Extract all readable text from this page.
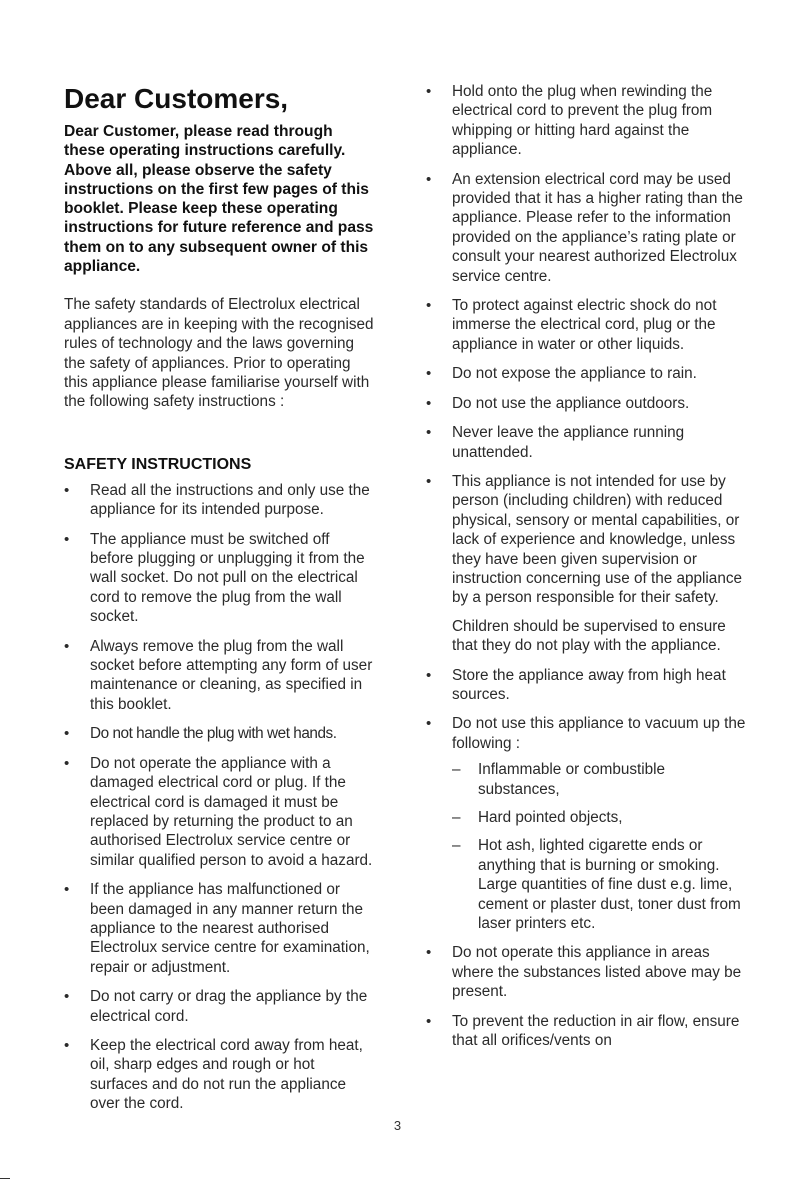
Dear Customers,

Dear Customer, please read through these operating instructions carefully. Above all, please observe the safety instructions on the first few pages of this booklet. Please keep these operating instructions for future reference and pass them on to any subsequent owner of this appliance.

The safety standards of Electrolux electrical appliances are in keeping with the recognised rules of technology and the laws governing the safety of appliances. Prior to operating this appliance please familiarise yourself with the following safety instructions :

SAFETY INSTRUCTIONS
• Read all the instructions and only use the appliance for its intended purpose.
• The appliance must be switched off before plugging or unplugging it from the wall socket. Do not pull on the electrical cord to remove the plug from the wall socket.
• Always remove the plug from the wall socket before attempting any form of user maintenance or cleaning, as specified in this booklet.
• Do not handle the plug with wet hands.
• Do not operate the appliance with a damaged electrical cord or plug. If the electrical cord is damaged it must be replaced by returning the product to an authorised Electrolux service centre or similar qualified person to avoid a hazard.
• If the appliance has malfunctioned or been damaged in any manner return the appliance to the nearest authorised Electrolux service centre for examination, repair or adjustment.
• Do not carry or drag the appliance by the electrical cord.
• Keep the electrical cord away from heat, oil, sharp edges and rough or hot surfaces and do not run the appliance over the cord.
• Hold onto the plug when rewinding the electrical cord to prevent the plug from whipping or hitting hard against the appliance.
• An extension electrical cord may be used provided that it has a higher rating than the appliance. Please refer to the information provided on the appliance’s rating plate or consult your nearest authorized Electrolux service centre.
• To protect against electric shock do not immerse the electrical cord, plug or the appliance in water or other liquids.
• Do not expose the appliance to rain.
• Do not use the appliance outdoors.
• Never leave the appliance running unattended.

• This appliance is not intended for use by person (including children) with reduced physical, sensory or mental capabilities, or lack of experience and knowledge, unless they have been given supervision or instruction concerning use of the appliance by a person responsible for their safety.

Children should be supervised to ensure that they do not play with the appliance.

• Store the appliance away from high heat sources.

• Do not use this appliance to vacuum up the following :

– Inflammable or combustible substances,
– Hard pointed objects,
– Hot ash, lighted cigarette ends or anything that is burning or smoking. Large quantities of fine dust e.g. lime, cement or plaster dust, toner dust from laser printers etc.
• Do not operate this appliance in areas where the substances listed above may be present.
• To prevent the reduction in air flow, ensure that all orifices/vents on
3
